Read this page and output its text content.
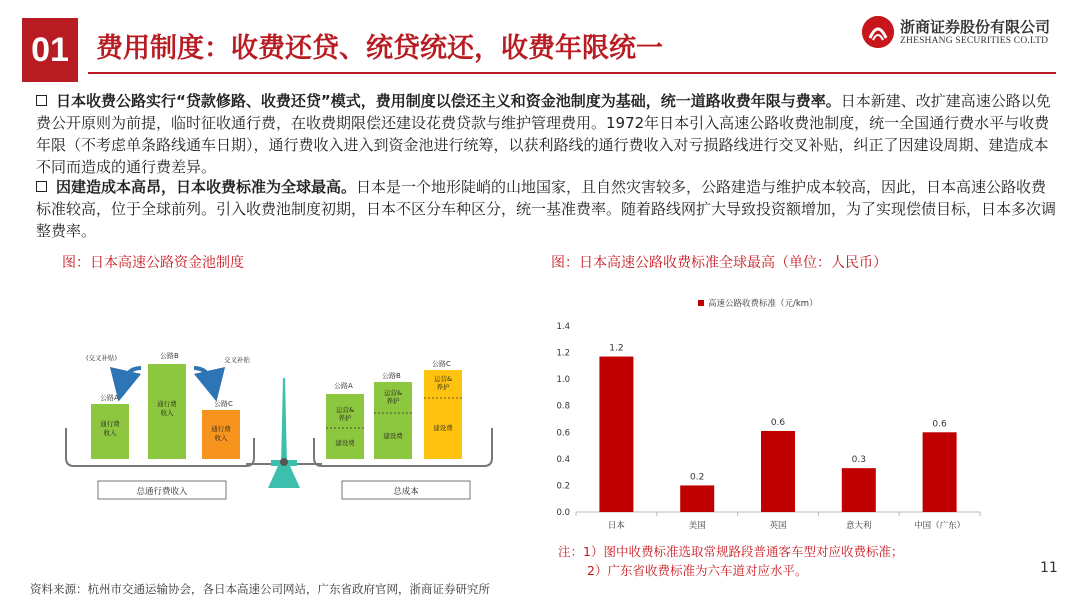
01	费用制度：收费还贷、统贷统还，收费年限统一
浙商证券股份有限公司
ZHESHANG SECURITIES CO.LTD

日本收费公路实行“贷款修路、收费还贷”模式，费用制度以偿还主义和资金池制度为基础，统一道路收费年限与费率。日本新建、改扩建高速公路以免费公开原则为前提，临时征收通行费，在收费期限偿还建设花费贷款与维护管理费用。1972年日本引入高速公路收费池制度，统一全国通行费水平与收费年限（不考虑单条路线通车日期），通行费收入进入到资金池进行统筹，以获利路线的通行费收入对亏损路线进行交叉补贴，纠正了因建设周期、建造成本不同而造成的通行费差异。

因建造成本高昂，日本收费标准为全球最高。日本是一个地形陡峭的山地国家，且自然灾害较多，公路建造与维护成本较高，因此，日本高速公路收费标准较高，位于全球前列。引入收费池制度初期，日本不区分车种区分，统一基准费率。随着路线网扩大导致投资额增加，为了实现偿债目标，日本多次调整费率。

图：日本高速公路资金池制度	图：日本高速公路收费标准全球最高（单位：人民币）
(交叉补贴)
公路A
通行费收入
公路B
通行费收入
交叉补贴
公路C
通行费收入
公路A
运营&养护
建设费
公路B
运营&养护
建设费
公路C
运营&养护
建设费
总通行费收入	总成本
高速公路收费标准（元/km）
0.0
0.2
0.4
0.6
0.8
1.0
1.2
1.4
1.2
日本
0.2
美国
0.6
英国
0.3
意大利
0.6
中国（广东）
注：1）图中收费标准选取常规路段普通客车型对应收费标准；
2）广东省收费标准为六车道对应水平。
资料来源：杭州市交通运输协会，各日本高速公司网站，广东省政府官网，浙商证券研究所
11
